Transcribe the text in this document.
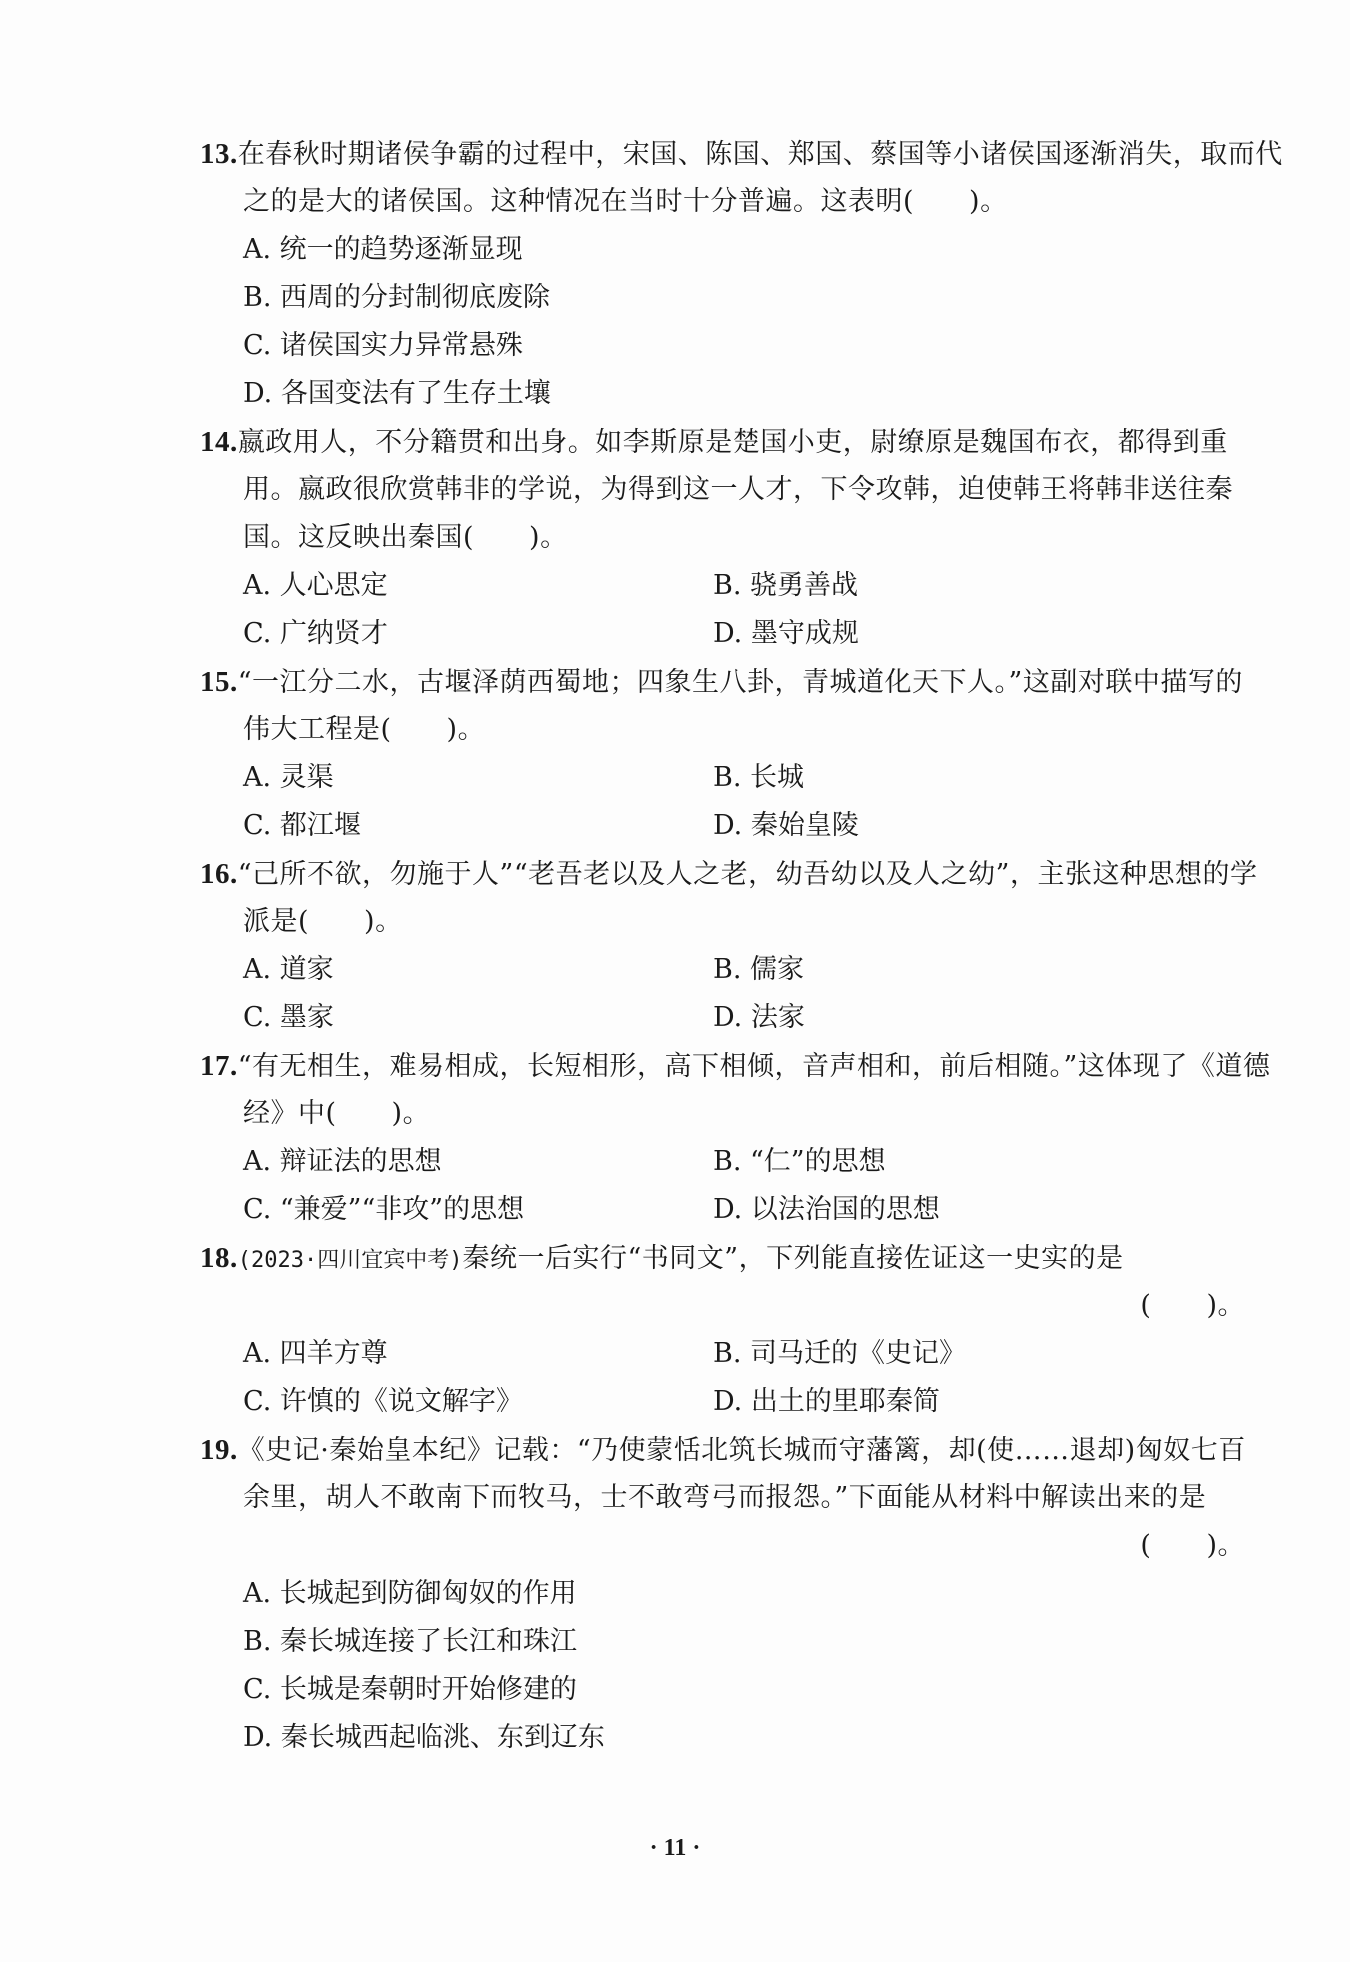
13.在春秋时期诸侯争霸的过程中，宋国、陈国、郑国、蔡国等小诸侯国逐渐消失，取而代
之的是大的诸侯国。这种情况在当时十分普遍。这表明(　　)。
A. 统一的趋势逐渐显现
B. 西周的分封制彻底废除
C. 诸侯国实力异常悬殊
D. 各国变法有了生存土壤
14.嬴政用人，不分籍贯和出身。如李斯原是楚国小吏，尉缭原是魏国布衣，都得到重
用。嬴政很欣赏韩非的学说，为得到这一人才，下令攻韩，迫使韩王将韩非送往秦
国。这反映出秦国(　　)。
A. 人心思定	B. 骁勇善战
C. 广纳贤才	D. 墨守成规
15.“一江分二水，古堰泽荫西蜀地；四象生八卦，青城道化天下人。”这副对联中描写的
伟大工程是(　　)。
A. 灵渠	B. 长城
C. 都江堰	D. 秦始皇陵
16.“己所不欲，勿施于人”“老吾老以及人之老，幼吾幼以及人之幼”，主张这种思想的学
派是(　　)。
A. 道家	B. 儒家
C. 墨家	D. 法家
17.“有无相生，难易相成，长短相形，高下相倾，音声相和，前后相随。”这体现了《道德
经》中(　　)。
A. 辩证法的思想	B. “仁”的思想
C. “兼爱”“非攻”的思想	D. 以法治国的思想
18.(2023·四川宜宾中考)秦统一后实行“书同文”，下列能直接佐证这一史实的是
(　　)。
A. 四羊方尊	B. 司马迁的《史记》
C. 许慎的《说文解字》	D. 出土的里耶秦简
19.《史记·秦始皇本纪》记载：“乃使蒙恬北筑长城而守藩篱，却(使……退却)匈奴七百
余里，胡人不敢南下而牧马，士不敢弯弓而报怨。”下面能从材料中解读出来的是
(　　)。
A. 长城起到防御匈奴的作用
B. 秦长城连接了长江和珠江
C. 长城是秦朝时开始修建的
D. 秦长城西起临洮、东到辽东
· 11 ·
